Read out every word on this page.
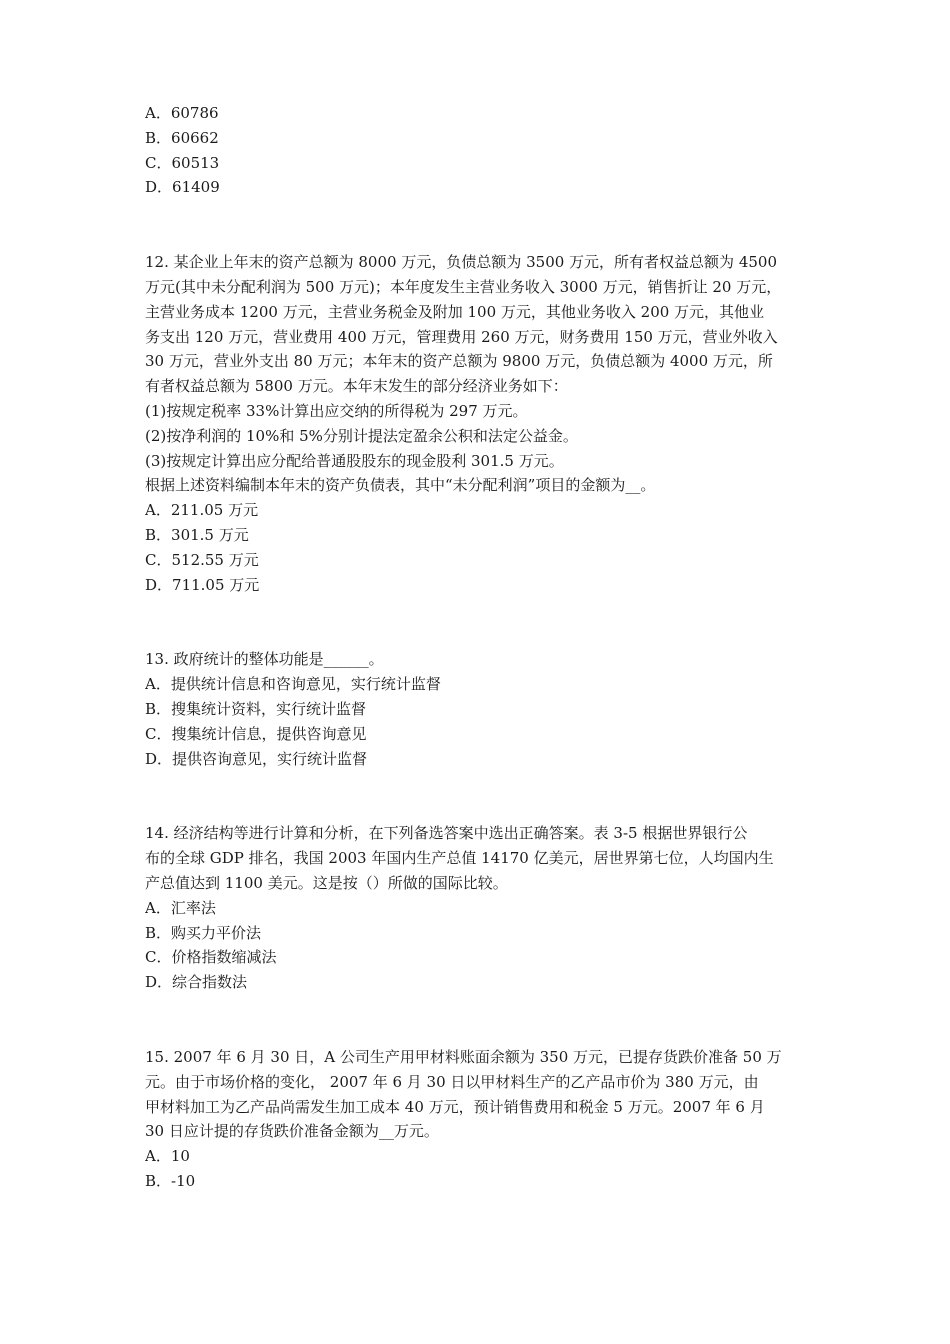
A．60786
B．60662
C．60513
D．61409
12. 某企业上年末的资产总额为 8000 万元，负债总额为 3500 万元，所有者权益总额为 4500
万元(其中未分配利润为 500 万元)；本年度发生主营业务收入 3000 万元，销售折让 20 万元，
主营业务成本 1200 万元，主营业务税金及附加 100 万元，其他业务收入 200 万元，其他业
务支出 120 万元，营业费用 400 万元，管理费用 260 万元，财务费用 150 万元，营业外收入
30 万元，营业外支出 80 万元；本年末的资产总额为 9800 万元，负债总额为 4000 万元，所
有者权益总额为 5800 万元。本年末发生的部分经济业务如下：
(1)按规定税率 33%计算出应交纳的所得税为 297 万元。
(2)按净利润的 10%和 5%分别计提法定盈余公积和法定公益金。
(3)按规定计算出应分配给普通股股东的现金股利 301.5 万元。
根据上述资料编制本年末的资产负债表，其中“未分配利润”项目的金额为__。
A．211.05 万元
B．301.5 万元
C．512.55 万元
D．711.05 万元
13. 政府统计的整体功能是______。
A．提供统计信息和咨询意见，实行统计监督
B．搜集统计资料，实行统计监督
C．搜集统计信息，提供咨询意见
D．提供咨询意见，实行统计监督
14. 经济结构等进行计算和分析，在下列备选答案中选出正确答案。表 3-5 根据世界银行公
布的全球 GDP 排名，我国 2003 年国内生产总值 14170 亿美元，居世界第七位，人均国内生
产总值达到 1100 美元。这是按（）所做的国际比较。
A．汇率法
B．购买力平价法
C．价格指数缩减法
D．综合指数法
15. 2007 年 6 月 30 日，A 公司生产用甲材料账面余额为 350 万元，已提存货跌价准备 50 万
元。由于市场价格的变化， 2007 年 6 月 30 日以甲材料生产的乙产品市价为 380 万元，由
甲材料加工为乙产品尚需发生加工成本 40 万元，预计销售费用和税金 5 万元。2007 年 6 月
30 日应计提的存货跌价准备金额为__万元。
A．10
B．-10
